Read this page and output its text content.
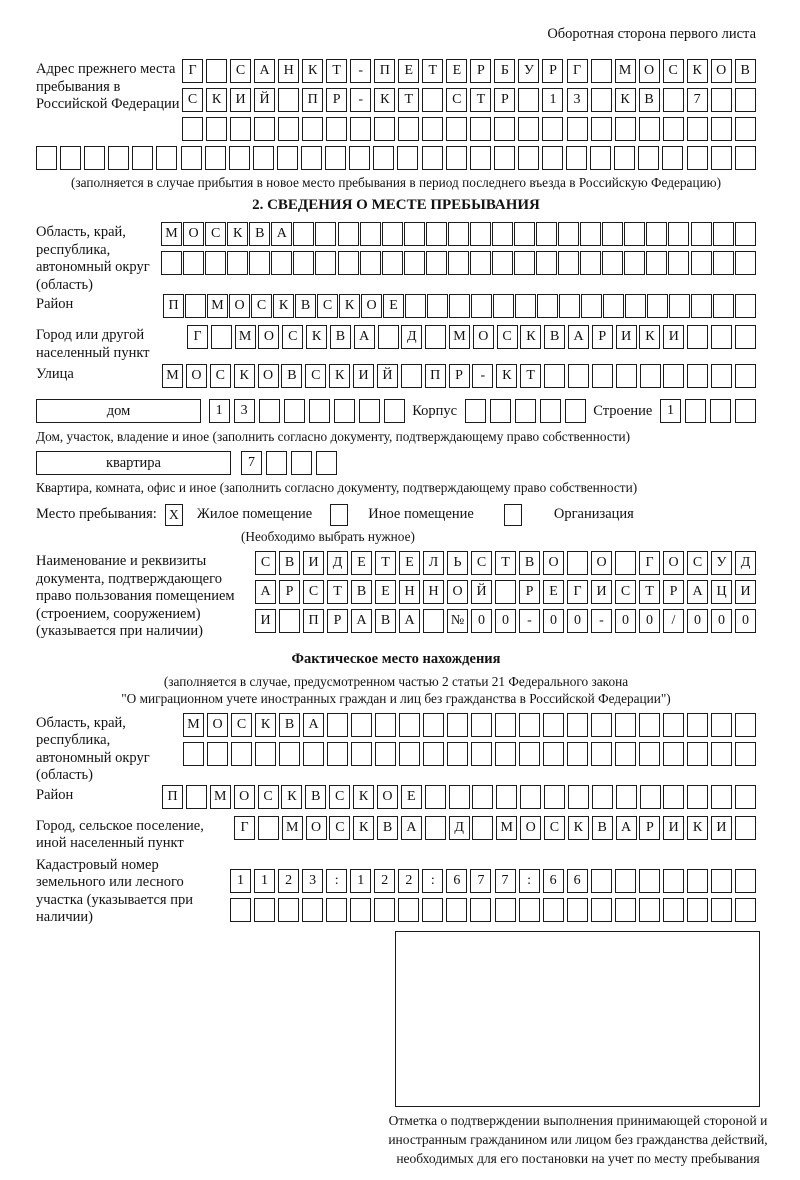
Оборотная сторона первого листа
Адрес прежнего места пребывания в Российской Федерации
Г	С	А Н	К	Т	-	П	Е	Т	Е	Р	Б	У	Р	Г	М О	С	К	О	В
С	К	И Й	П	Р	-	К	Т	С	Т	Р	1	3	К	В	7
(заполняется в случае прибытия в новое место пребывания в период последнего въезда в Российскую Федерацию)
2. СВЕДЕНИЯ О МЕСТЕ ПРЕБЫВАНИЯ
Область, край, республика, автономный округ (область)
М О С К В А
Район	П	М О С К В С К О Е
Город или другой населенный пункт
Г	М О	С	К	В	А	Д	М О	С	К	В	А	Р	И	К	И
Улица	М О	С	К	О	В	С	К	И Й	П	Р	-	К	Т
дом	1	3	Корпус	Строение	1
Дом, участок, владение и иное (заполнить согласно документу, подтверждающему право собственности)
квартира	7
Квартира, комната, офис и иное (заполнить согласно документу, подтверждающему право собственности)
Место пребывания: X Жилое помещение	Иное помещение	Организация
(Необходимо выбрать нужное)
Наименование и реквизиты документа, подтверждающего право пользования помещением (строением, сооружением) (указывается при наличии)
С	В	И	Д	Е	Т	Е	Л	Ь	С	Т	В	О	О	Г	О	С	У	Д
А	Р	С	Т	В	Е	Н Н О Й	Р	Е	Г	И	С	Т	Р	А Ц И
И	П	Р	А	В	А	№ 0	0	-	0	0	-	0	0	/	0	0	0
Фактическое место нахождения
(заполняется в случае, предусмотренном частью 2 статьи 21 Федерального закона
"О миграционном учете иностранных граждан и лиц без гражданства в Российской Федерации")
Область, край, республика, автономный округ (область)
М О	С	К	В	А
Район	П	М О	С	К	В	С	К	О	Е
Город, сельское поселение, иной населенный пункт
Г	М О	С	К	В	А	Д	М О	С	К	В	А	Р	И	К	И
Кадастровый номер земельного или лесного участка (указывается при наличии)
1	1	2	3	:	1	2	2	:	6	7	7	:	6	6
Отметка о подтверждении выполнения принимающей стороной и иностранным гражданином или лицом без гражданства действий, необходимых для его постановки на учет по месту пребывания
